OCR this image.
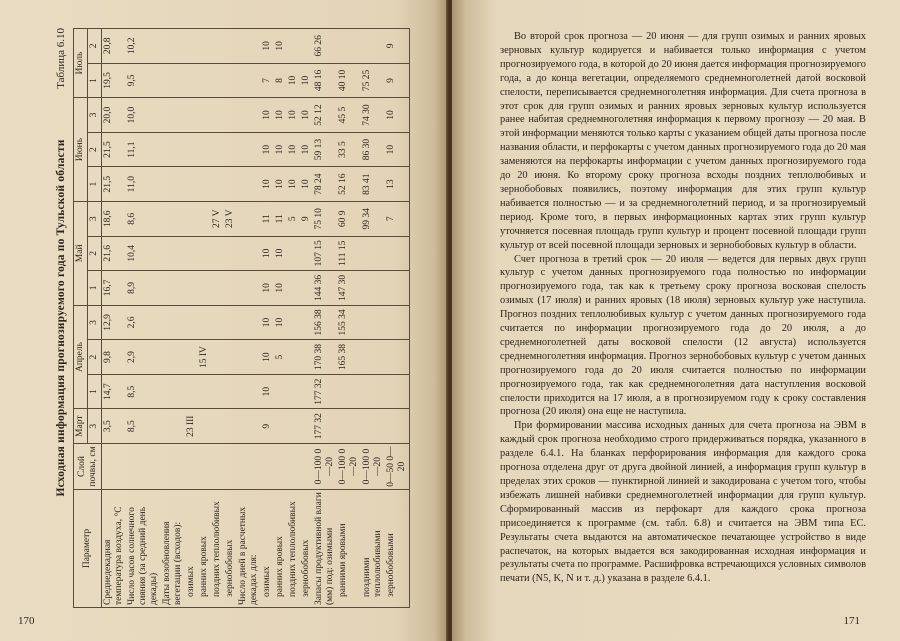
Исходная информация прогнозируемого года по Тульской области
Таблица 6.10
Параметр	Слой почвы, см	Март	Апрель			Май			Июнь			Июль	
		3	1	2	3	1	2	3	1	2	3	1	2
Среднедекадная температура воздуха, °С		3,5	14,7	9,8	12,9	16,7	21,6	18,6	21,5	21,5	20,0	19,5	20,8
Число часов солнечного сияния (за средний день декады)		8,5	8,5	2,9	2,6	8,9	10,4	8,6	11,0	11,1	10,0	9,5	10,2
Даты возобновления вегетации (всходов):													
озимых		23 III											
ранних яровых				15 IV									
поздних теплолюбивых								27 V					
зернобобовых								23 V					
Число дней в расчетных декадах для:													
озимых		9	10	10	10	10	10	11	10	10	10	7	10
ранних яровых				5	10	10	10	11	10	10	10	8	10
поздних теплолюбивых								5	10	10	10	10	
зернобобовых								9	10	10	10	10	
Запасы продуктивной влаги (мм) под: озимыми	0—100 0—20	177 32	177 32	170 38	156 38	144 36	107 15	75 10	78 24	59 13	52 12	48 16	66 26
ранними яровыми	0—100 0—20			165 38	155 34	147 30	111 15	60 9	52 16	33 5	45 5	40 10	
поздними теплолюбивыми	0—100 0—20							99 34	83 41	86 30	74 30	75 25	
зернобобовыми	0—50 0—20							7	13	10	10	9	9
170

Во второй срок прогноза — 20 июня — для групп озимых и ранних яровых зерновых культур кодируется и набивается только информация с учетом прогнозируемого года, в которой до 20 июня дается информация прогнозируемого года, а до конца вегетации, определяемого среднемноголетней датой восковой спелости, переписывается среднемноголетняя информация. Для счета прогноза в этот срок для групп озимых и ранних яровых зерновых культур используется ранее набитая среднемноголетняя информация к первому прогнозу — 20 мая. В этой информации меняются только карты с указанием общей даты прогноза после названия области, и перфокарты с учетом данных прогнозируемого года до 20 мая заменяются на перфокарты информации с учетом данных прогнозируемого года до 20 июня. Ко второму сроку прогноза всходы поздних теплолюбивых и зернобобовых появились, поэтому информация для этих групп культур набивается полностью — и за среднемноголетний период, и за прогнозируемый период. Кроме того, в первых информационных картах этих групп культур уточняется посевная площадь групп культур и процент посевной площади групп культур от всей посевной площади зерновых и зернобобовых культур в области.

Счет прогноза в третий срок — 20 июля — ведется для первых двух групп культур с учетом данных прогнозируемого года полностью по информации прогнозируемого года, так как к третьему сроку прогноза восковая спелость озимых (17 июля) и ранних яровых (18 июля) зерновых культур уже наступила. Прогноз поздних теплолюбивых культур с учетом данных прогнозируемого года считается по информации прогнозируемого года до 20 июля, а до среднемноголетней даты восковой спелости (12 августа) используется среднемноголетняя информация. Прогноз зернобобовых культур с учетом данных прогнозируемого года до 20 июля считается полностью по информации прогнозируемого года, так как среднемноголетняя дата наступления восковой спелости приходится на 17 июля, а в прогнозируемом году к сроку составления прогноза (20 июля) она еще не наступила.

При формировании массива исходных данных для счета прогноза на ЭВМ в каждый срок прогноза необходимо строго придерживаться порядка, указанного в разделе 6.4.1. На бланках перфорирования информация для каждого срока прогноза отделена друг от друга двойной линией, а информация групп культур в пределах этих сроков — пунктирной линией и закодирована с учетом того, чтобы избежать лишней набивки среднемноголетней информации для групп культур. Сформированный массив из перфокарт для каждого срока прогноза присоединяется к программе (см. табл. 6.8) и считается на ЭВМ типа ЕС. Результаты счета выдаются на автоматическое печатающее устройство в виде распечаток, на которых выдается вся закодированная исходная информация и результаты счета по программе. Расшифровка встречающихся условных символов печати (N5, K, N и т. д.) указана в разделе 6.4.1.

171
